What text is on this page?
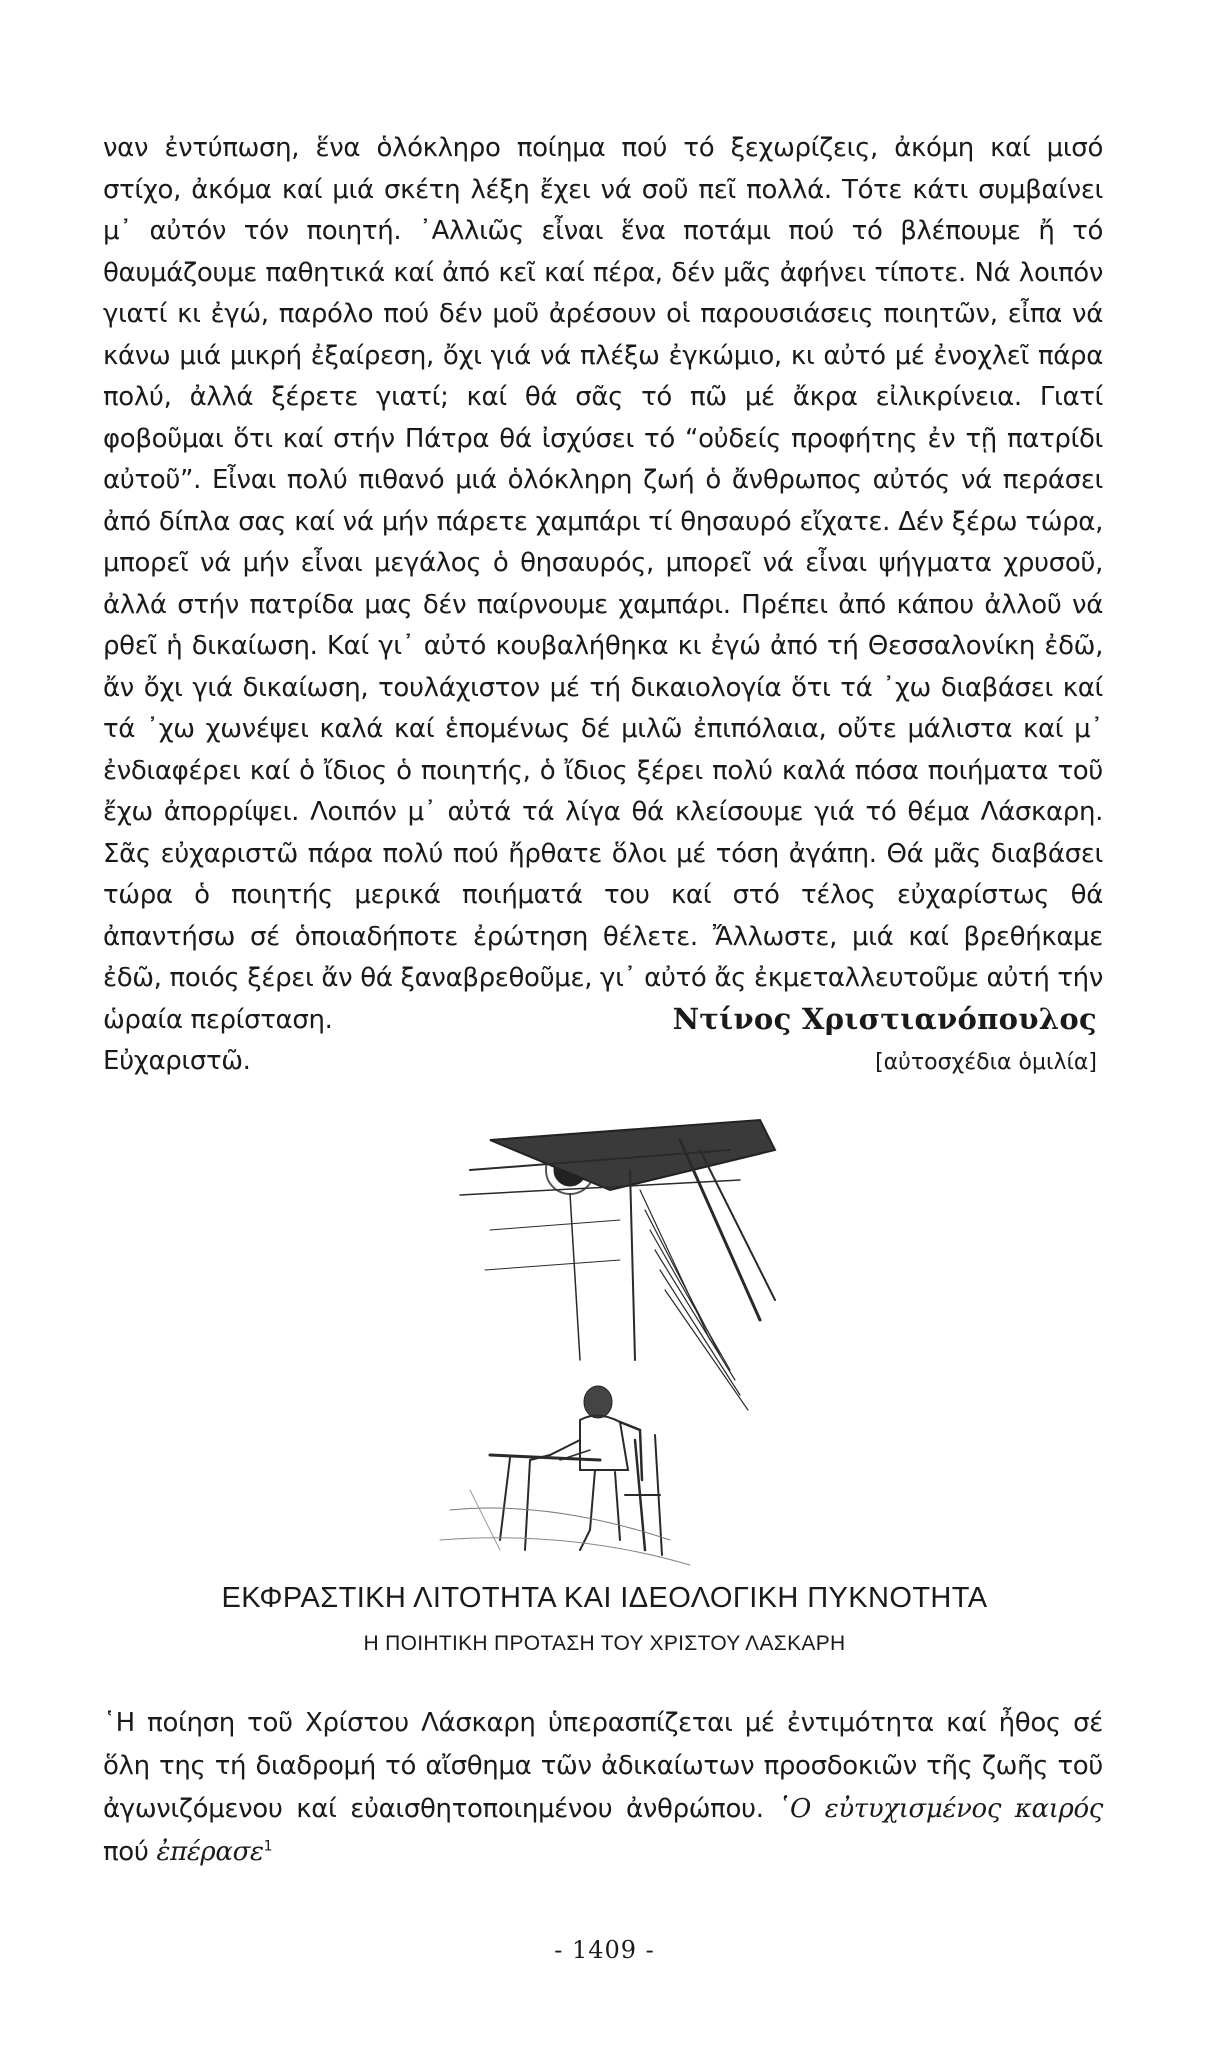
ναν ἐντύπωση, ἕνα ὁλόκληρο ποίημα πού τό ξεχωρίζεις, ἀκόμη καί μισό στίχο, ἀκόμα καί μιά σκέτη λέξη ἔχει νά σοῦ πεῖ πολλά. Τότε κάτι συμβαίνει μ᾽ αὐτόν τόν ποιητή. ᾽Αλλιῶς εἶναι ἕνα ποτάμι πού τό βλέπουμε ἤ τό θαυμάζουμε παθητικά καί ἀπό κεῖ καί πέρα, δέν μᾶς ἀφήνει τίποτε. Νά λοιπόν γιατί κι ἐγώ, παρόλο πού δέν μοῦ ἀρέσουν οἱ παρουσιάσεις ποιητῶν, εἶπα νά κάνω μιά μικρή ἐξαίρεση, ὄχι γιά νά πλέξω ἐγκώμιο, κι αὐτό μέ ἐνοχλεῖ πάρα πολύ, ἀλλά ξέρετε γιατί; καί θά σᾶς τό πῶ μέ ἄκρα εἰλικρίνεια. Γιατί φοβοῦμαι ὅτι καί στήν Πάτρα θά ἰσχύσει τό “οὐδείς προφήτης ἐν τῇ πατρίδι αὐτοῦ”. Εἶναι πολύ πιθανό μιά ὁλόκληρη ζωή ὁ ἄνθρωπος αὐτός νά περάσει ἀπό δίπλα σας καί νά μήν πάρετε χαμπάρι τί θησαυρό εἴχατε. Δέν ξέρω τώρα, μπορεῖ νά μήν εἶναι μεγάλος ὁ θησαυρός, μπορεῖ νά εἶναι ψήγματα χρυσοῦ, ἀλλά στήν πατρίδα μας δέν παίρνουμε χαμπάρι. Πρέπει ἀπό κάπου ἀλλοῦ νά ρθεῖ ἡ δικαίωση. Καί γι᾽ αὐτό κουβαλήθηκα κι ἐγώ ἀπό τή Θεσσαλονίκη ἐδῶ, ἄν ὄχι γιά δικαίωση, τουλάχιστον μέ τή δικαιολογία ὅτι τά ᾽χω διαβάσει καί τά ᾽χω χωνέψει καλά καί ἑπομένως δέ μιλῶ ἐπιπόλαια, οὔτε μάλιστα καί μ᾽ ἐνδιαφέρει καί ὁ ἴδιος ὁ ποιητής, ὁ ἴδιος ξέρει πολύ καλά πόσα ποιήματα τοῦ ἔχω ἀπορρίψει. Λοιπόν μ᾽ αὐτά τά λίγα θά κλείσουμε γιά τό θέμα Λάσκαρη. Σᾶς εὐχαριστῶ πάρα πολύ πού ἤρθατε ὅλοι μέ τόση ἀγάπη. Θά μᾶς διαβάσει τώρα ὁ ποιητής μερικά ποιήματά του καί στό τέλος εὐχαρίστως θά ἀπαντήσω σέ ὁποιαδήποτε ἐρώτηση θέλετε. Ἄλλωστε, μιά καί βρεθήκαμε ἐδῶ, ποιός ξέρει ἄν θά ξαναβρεθοῦμε, γι᾽ αὐτό ἄς ἐκμεταλλευτοῦμε αὐτή τήν ὡραία περίσταση.

Εὐχαριστῶ.

Ντίνος Χριστιανόπουλος
[αὐτοσχέδια ὁμιλία]
ΕΚΦΡΑΣΤΙΚΗ ΛΙΤΟΤΗΤΑ ΚΑΙ ΙΔΕΟΛΟΓΙΚΗ ΠΥΚΝΟΤΗΤΑ
Η ΠΟΙΗΤΙΚΗ ΠΡΟΤΑΣΗ ΤΟΥ ΧΡΙΣΤΟΥ ΛΑΣΚΑΡΗ
῾Η ποίηση τοῦ Χρίστου Λάσκαρη ὑπερασπίζεται μέ ἐντιμότητα καί ἦθος σέ ὅλη της τή διαδρομή τό αἴσθημα τῶν ἀδικαίωτων προσδοκιῶν τῆς ζωῆς τοῦ ἀγωνιζόμενου καί εὐαισθητοποιημένου ἀνθρώπου. ῾Ο εὐτυχισμένος καιρός πού ἐπέρασε$^1$
- 1409 -
